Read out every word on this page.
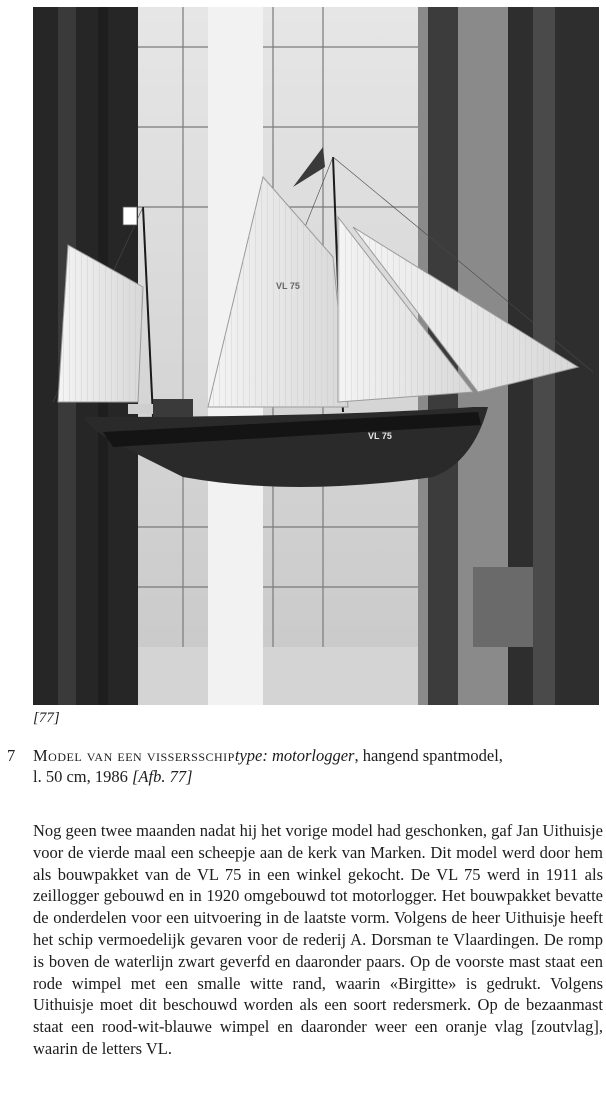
VL 75
VL 75
[77]
7 Model van een vissersschiptype: motorlogger, hangend spantmodel,
l. 50 cm, 1986 [Afb. 77]

Nog geen twee maanden nadat hij het vorige model had geschonken, gaf Jan Uithuisje voor de vierde maal een scheepje aan de kerk van Marken. Dit model werd door hem als bouwpakket van de VL 75 in een winkel gekocht. De VL 75 werd in 1911 als zeillogger gebouwd en in 1920 omgebouwd tot motorlogger. Het bouwpakket bevatte de onderdelen voor een uitvoering in de laatste vorm. Volgens de heer Uithuisje heeft het schip vermoedelijk gevaren voor de rederij A. Dorsman te Vlaardingen. De romp is boven de waterlijn zwart geverfd en daaronder paars. Op de voorste mast staat een rode wimpel met een smalle witte rand, waarin «Birgitte» is gedrukt. Volgens Uithuisje moet dit beschouwd worden als een soort redersmerk. Op de bezaanmast staat een rood-wit-blauwe wimpel en daaronder weer een oranje vlag [zoutvlag], waarin de letters VL.
